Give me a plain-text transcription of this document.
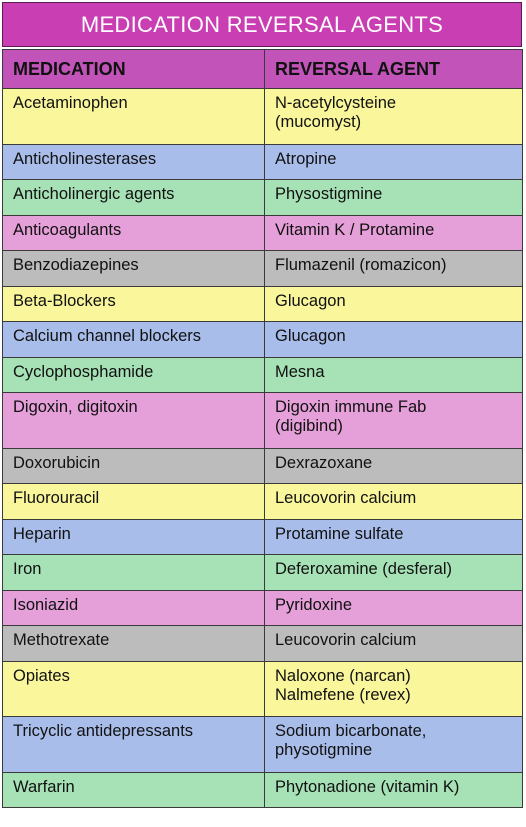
MEDICATION REVERSAL AGENTS
MEDICATION	REVERSAL AGENT
Acetaminophen	N-acetylcysteine
(mucomyst)

Anticholinesterases	Atropine

Anticholinergic agents	Physostigmine

Anticoagulants	Vitamin K / Protamine

Benzodiazepines	Flumazenil (romazicon)

Beta-Blockers	Glucagon

Calcium channel blockers	Glucagon

Cyclophosphamide	Mesna

Digoxin, digitoxin	Digoxin immune Fab
(digibind)

Doxorubicin	Dexrazoxane

Fluorouracil	Leucovorin calcium

Heparin	Protamine sulfate

Iron	Deferoxamine (desferal)

Isoniazid	Pyridoxine

Methotrexate	Leucovorin calcium

Opiates	Naloxone (narcan)
Nalmefene (revex)

Tricyclic antidepressants	Sodium bicarbonate,
physotigmine

Warfarin	Phytonadione (vitamin K)
